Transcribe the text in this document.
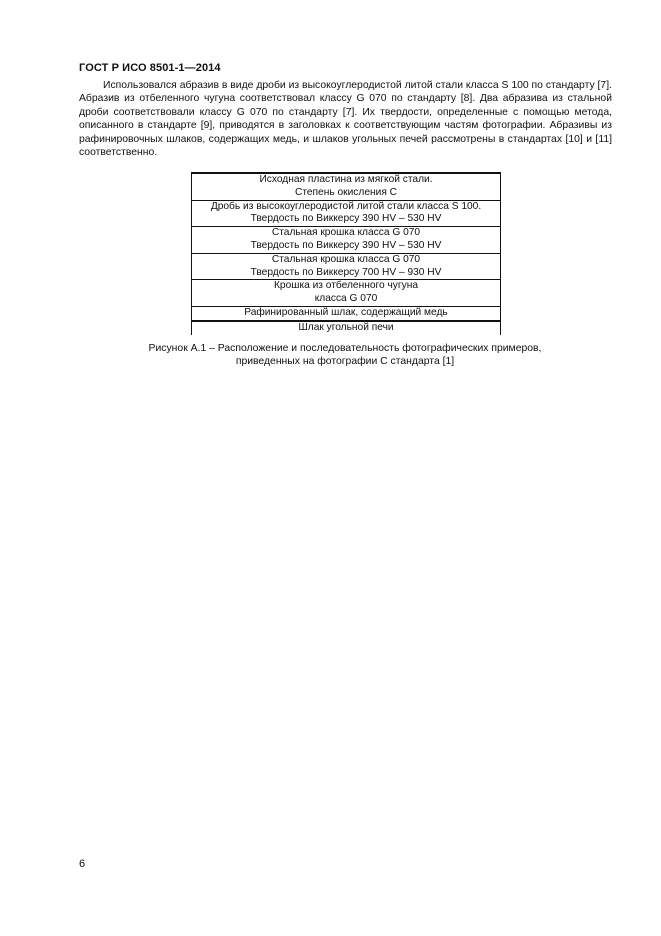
ГОСТ Р ИСО 8501-1—2014

Использовался абразив в виде дроби из высокоуглеродистой литой стали класса S 100 по стандарту [7]. Абразив из отбеленного чугуна соответствовал классу G 070 по стандарту [8]. Два абразива из стальной дроби соответствовали классу G 070 по стандарту [7]. Их твердости, определенные с помощью метода, описанного в стандарте [9], приводятся в заголовках к соответствующим частям фотографии. Абразивы из рафинировочных шлаков, содержащих медь, и шлаков угольных печей рассмотрены в стандартах [10] и [11] соответственно.

Исходная пластина из мягкой стали.
Степень окисления C

Дробь из высокоуглеродистой литой стали класса S 100.
Твердость по Виккерсу 390 HV – 530 HV

Стальная крошка класса G 070
Твердость по Виккерсу 390 HV – 530 HV

Стальная крошка класса G 070
Твердость по Виккерсу 700 HV – 930 HV

Крошка из отбеленного чугуна
класса G 070

Рафинированный шлак, содержащий медь

Шлак угольной печи
Рисунок А.1 – Расположение и последовательность фотографических примеров,
приведенных на фотографии C стандарта [1]
6
